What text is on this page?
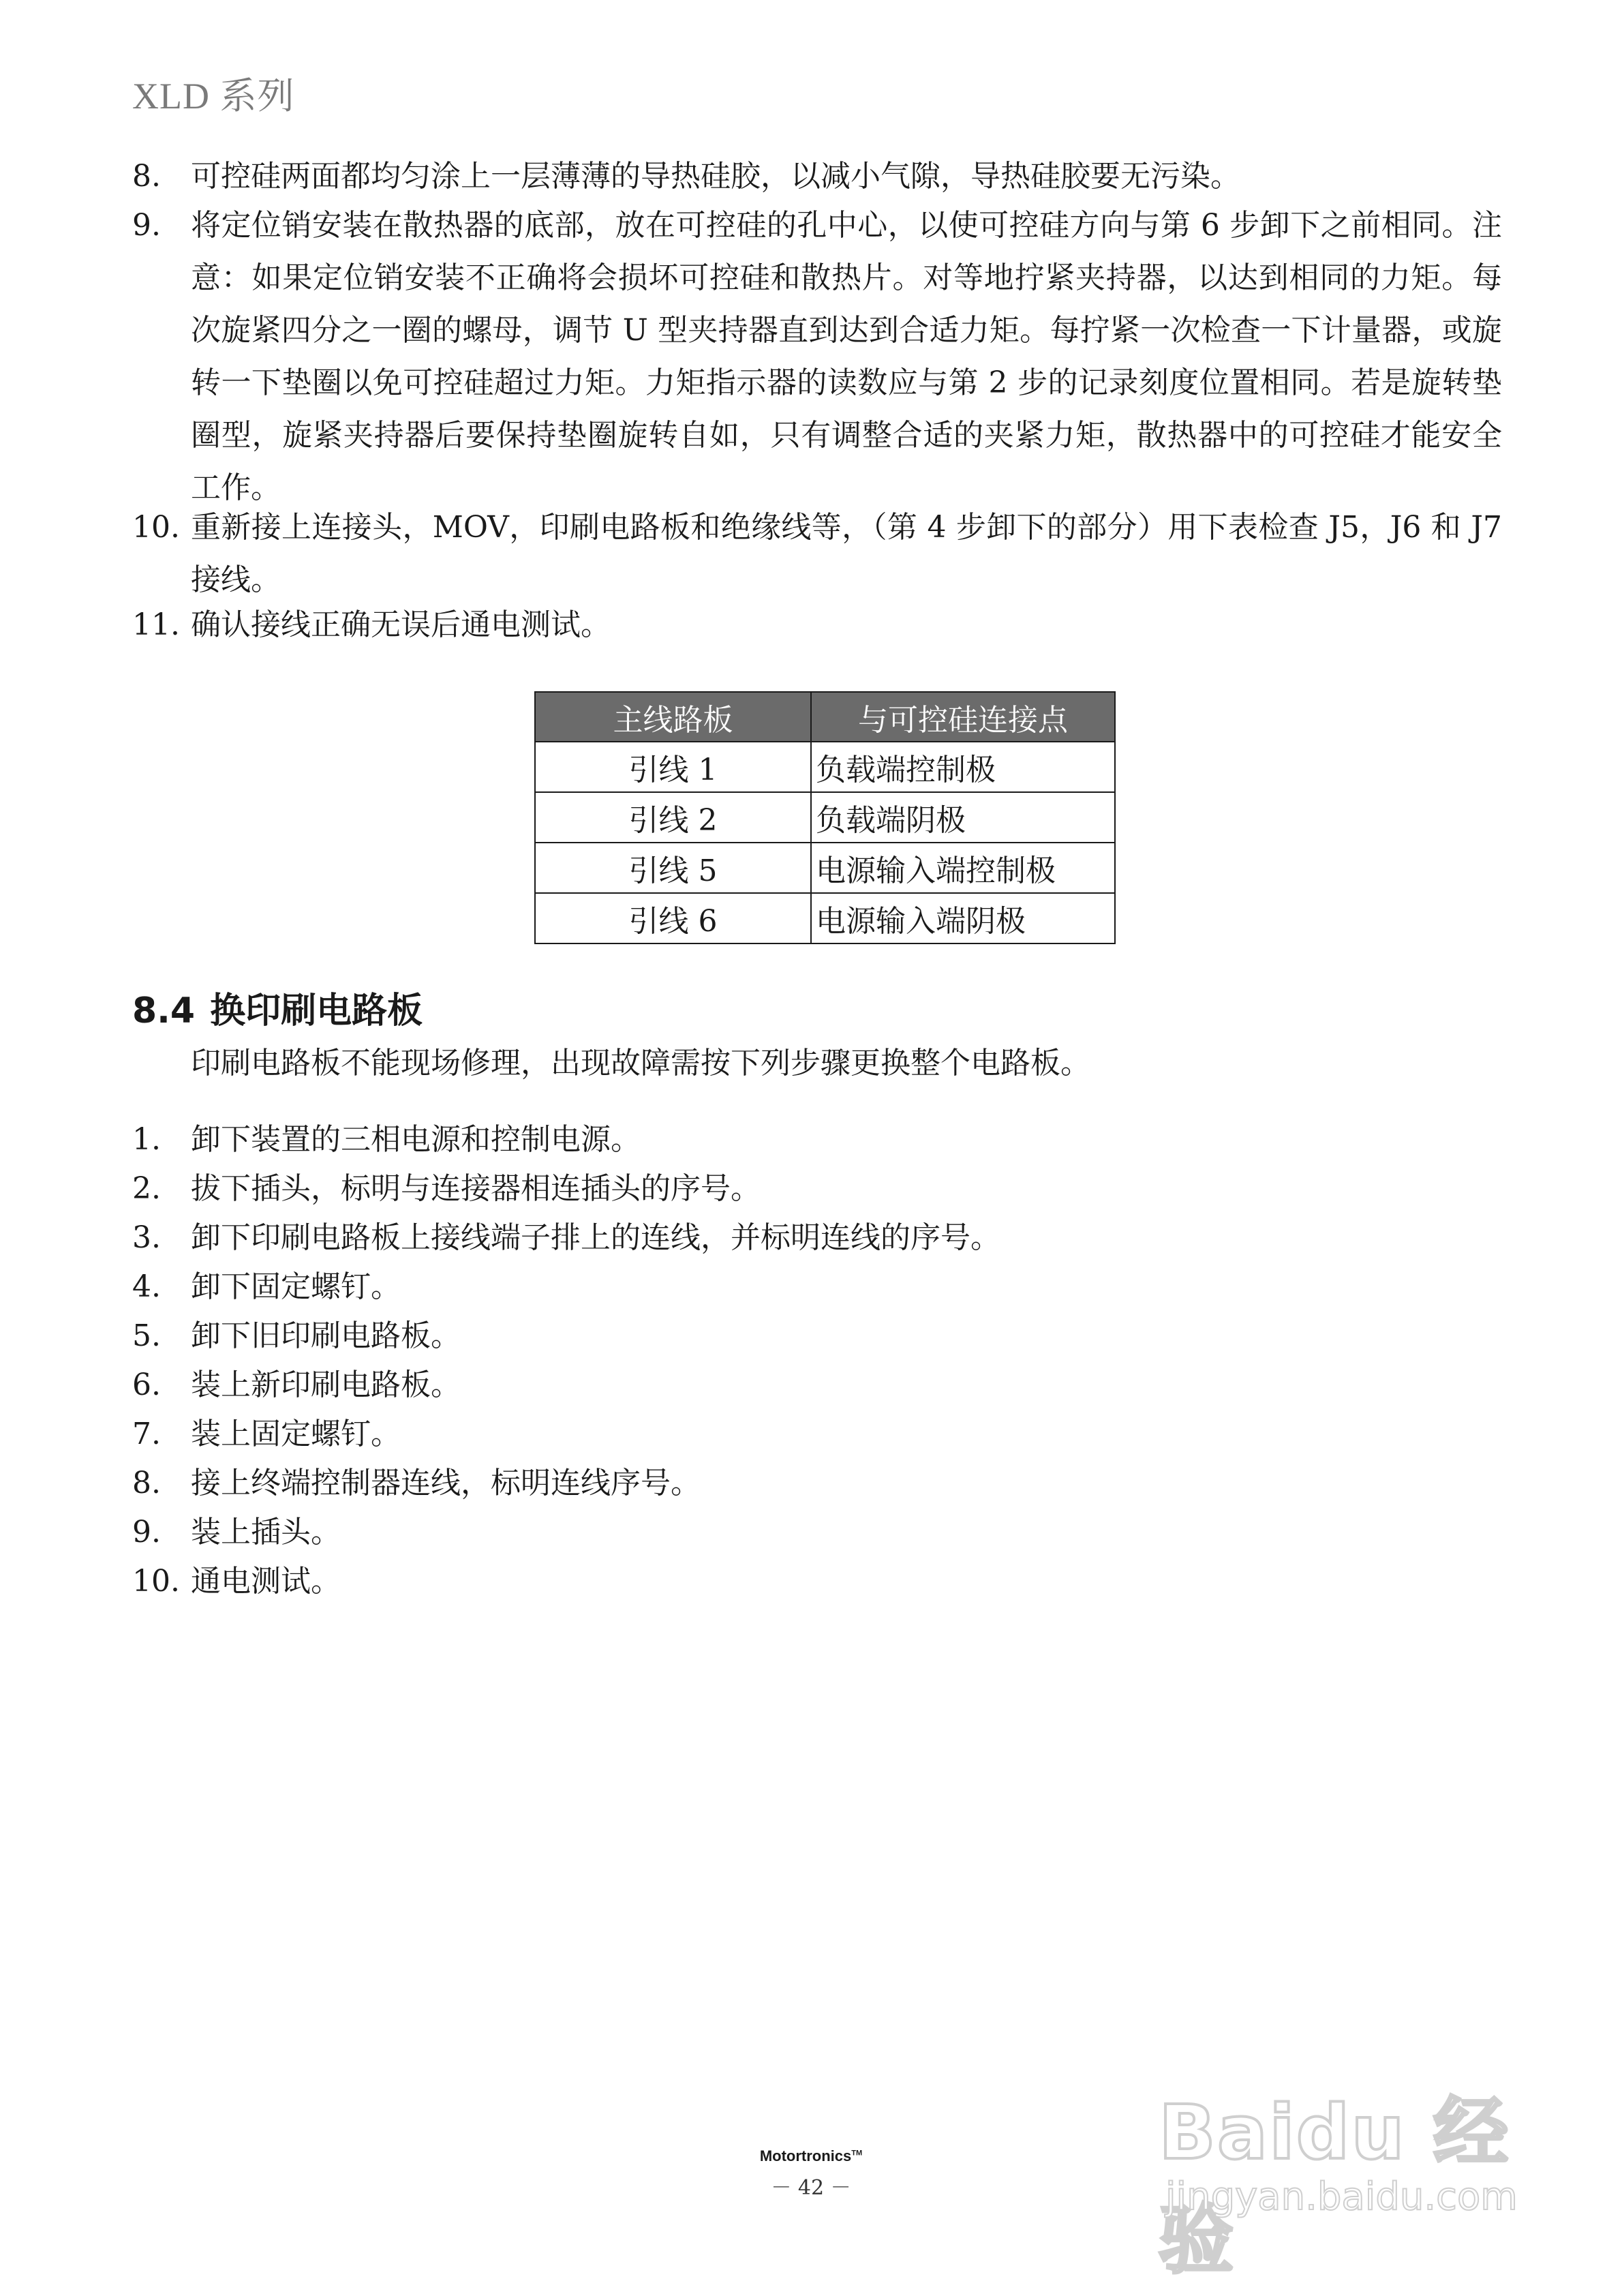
XLD 系列
8. 可控硅两面都均匀涂上一层薄薄的导热硅胶，以减小气隙，导热硅胶要无污染。
9. 将定位销安装在散热器的底部，放在可控硅的孔中心，以使可控硅方向与第 6 步卸下之前相同。注意：如果定位销安装不正确将会损坏可控硅和散热片。对等地拧紧夹持器，以达到相同的力矩。每次旋紧四分之一圈的螺母，调节 U 型夹持器直到达到合适力矩。每拧紧一次检查一下计量器，或旋转一下垫圈以免可控硅超过力矩。力矩指示器的读数应与第 2 步的记录刻度位置相同。若是旋转垫圈型，旋紧夹持器后要保持垫圈旋转自如，只有调整合适的夹紧力矩，散热器中的可控硅才能安全工作。
10. 重新接上连接头，MOV，印刷电路板和绝缘线等，（第 4 步卸下的部分）用下表检查 J5，J6 和 J7 接线。
11. 确认接线正确无误后通电测试。
主线路板	与可控硅连接点
引线 1	负载端控制极
引线 2	负载端阴极
引线 5	电源输入端控制极
引线 6	电源输入端阴极
8.4 换印刷电路板
印刷电路板不能现场修理，出现故障需按下列步骤更换整个电路板。
1. 卸下装置的三相电源和控制电源。
2. 拔下插头，标明与连接器相连插头的序号。
3. 卸下印刷电路板上接线端子排上的连线，并标明连线的序号。
4. 卸下固定螺钉。
5. 卸下旧印刷电路板。
6. 装上新印刷电路板。
7. 装上固定螺钉。
8. 接上终端控制器连线，标明连线序号。
9. 装上插头。
10. 通电测试。
Baidu 经验
jingyan.baidu.com
Motortronics™
－ 42 －
